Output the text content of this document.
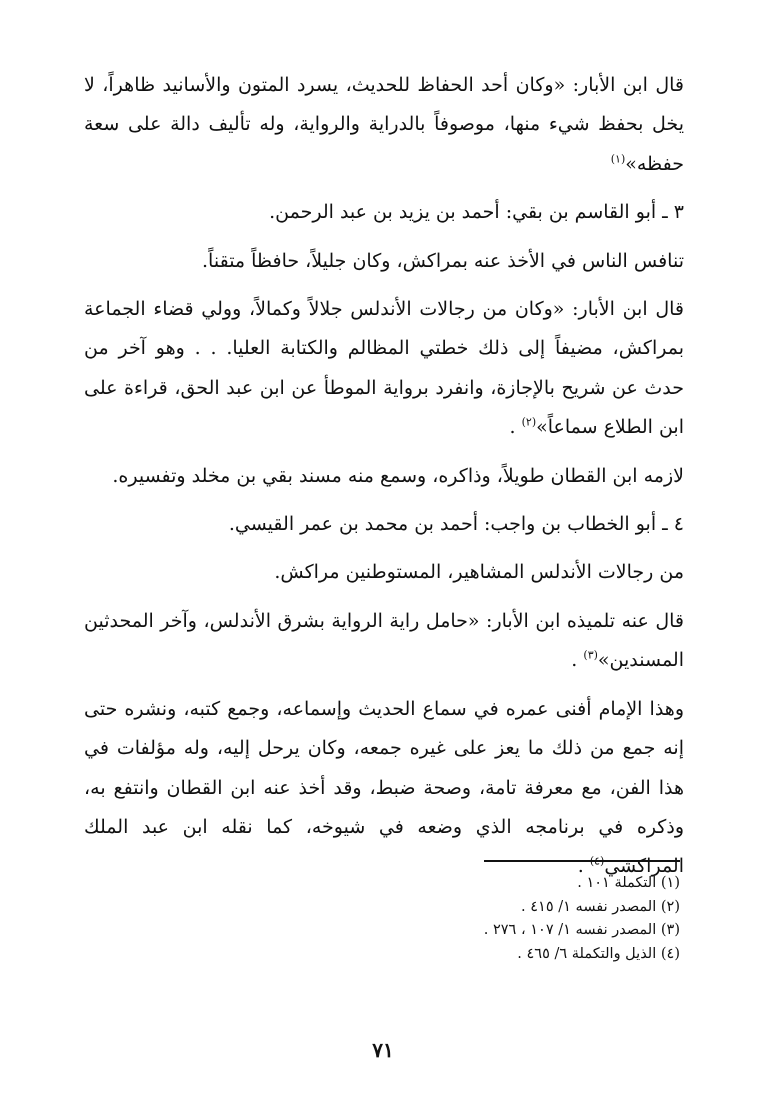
قال ابن الأبار: «وكان أحد الحفاظ للحديث، يسرد المتون والأسانيد ظاهراً، لا يخل بحفظ شيء منها، موصوفاً بالدراية والرواية، وله تأليف دالة على سعة حفظه»$^{(١)}$

٣ ـ أبو القاسم بن بقي: أحمد بن يزيد بن عبد الرحمن.

تنافس الناس في الأخذ عنه بمراكش، وكان جليلاً، حافظاً متقناً.

قال ابن الأبار: «وكان من رجالات الأندلس جلالاً وكمالاً، وولي قضاء الجماعة بمراكش، مضيفاً إلى ذلك خطتي المظالم والكتابة العليا. . . وهو آخر من حدث عن شريح بالإجازة، وانفرد برواية الموطأ عن ابن عبد الحق، قراءة على ابن الطلاع سماعاً»$^{(٢)}$ .

لازمه ابن القطان طويلاً، وذاكره، وسمع منه مسند بقي بن مخلد وتفسيره.

٤ ـ أبو الخطاب بن واجب: أحمد بن محمد بن عمر القيسي.

من رجالات الأندلس المشاهير، المستوطنين مراكش.

قال عنه تلميذه ابن الأبار: «حامل راية الرواية بشرق الأندلس، وآخر المحدثين المسندين»$^{(٣)}$ .

وهذا الإمام أفنى عمره في سماع الحديث وإسماعه، وجمع كتبه، ونشره حتى إنه جمع من ذلك ما يعز على غيره جمعه، وكان يرحل إليه، وله مؤلفات في هذا الفن، مع معرفة تامة، وصحة ضبط، وقد أخذ عنه ابن القطان وانتفع به، وذكره في برنامجه الذي وضعه في شيوخه، كما نقله ابن عبد الملك المراكشي$^{(٤)}$ .

(١) التكملة ١٠١ .
(٢) المصدر نفسه ١/ ٤١٥ .
(٣) المصدر نفسه ١/ ١٠٧ ، ٢٧٦ .
(٤) الذيل والتكملة ٦/ ٤٦٥ .
٧١
